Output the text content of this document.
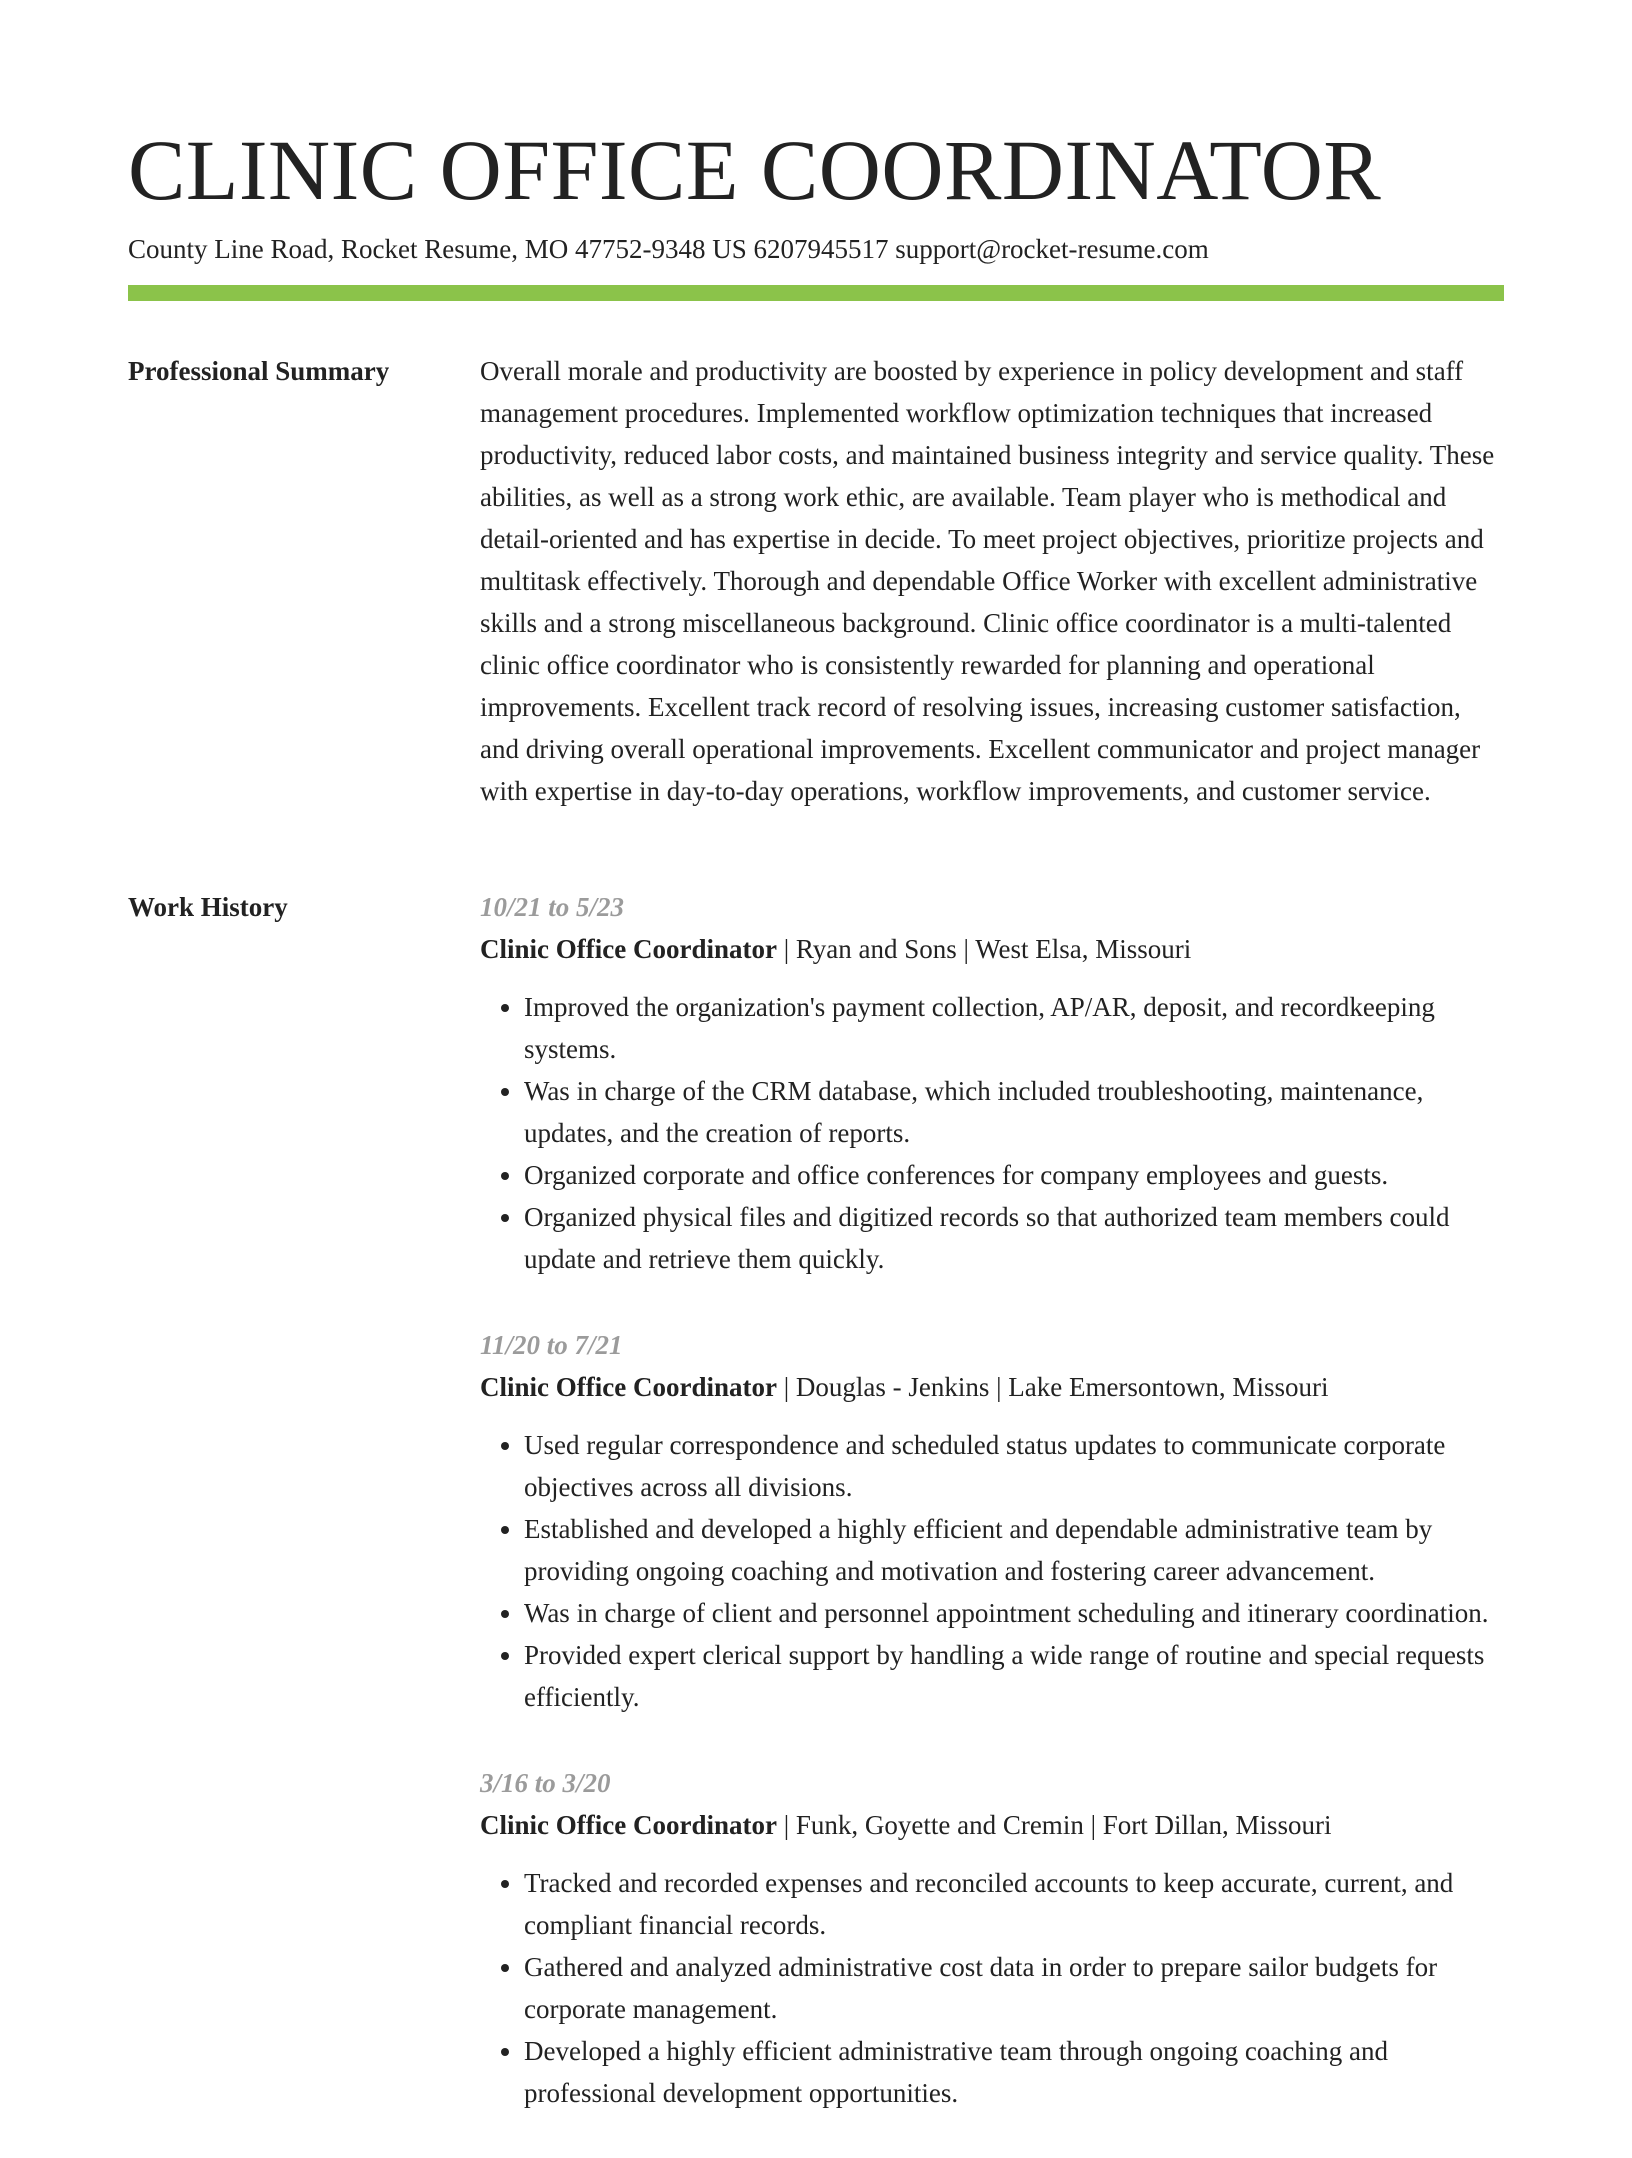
CLINIC OFFICE COORDINATOR
County Line Road, Rocket Resume, MO 47752-9348 US 6207945517 support@rocket-resume.com
Professional Summary	Overall morale and productivity are boosted by experience in policy development and staff management procedures. Implemented workflow optimization techniques that increased productivity, reduced labor costs, and maintained business integrity and service quality. These abilities, as well as a strong work ethic, are available. Team player who is methodical and detail-oriented and has expertise in decide. To meet project objectives, prioritize projects and multitask effectively. Thorough and dependable Office Worker with excellent administrative skills and a strong miscellaneous background. Clinic office coordinator is a multi-talented clinic office coordinator who is consistently rewarded for planning and operational improvements. Excellent track record of resolving issues, increasing customer satisfaction, and driving overall operational improvements. Excellent communicator and project manager with expertise in day-to-day operations, workflow improvements, and customer service.

Work History	10/21 to 5/23
Clinic Office Coordinator | Ryan and Sons | West Elsa, Missouri
• Improved the organization's payment collection, AP/AR, deposit, and recordkeeping systems.
• Was in charge of the CRM database, which included troubleshooting, maintenance, updates, and the creation of reports.
• Organized corporate and office conferences for company employees and guests.
• Organized physical files and digitized records so that authorized team members could update and retrieve them quickly.
11/20 to 7/21
Clinic Office Coordinator | Douglas - Jenkins | Lake Emersontown, Missouri
• Used regular correspondence and scheduled status updates to communicate corporate objectives across all divisions.
• Established and developed a highly efficient and dependable administrative team by providing ongoing coaching and motivation and fostering career advancement.
• Was in charge of client and personnel appointment scheduling and itinerary coordination.
• Provided expert clerical support by handling a wide range of routine and special requests efficiently.
3/16 to 3/20
Clinic Office Coordinator | Funk, Goyette and Cremin | Fort Dillan, Missouri
• Tracked and recorded expenses and reconciled accounts to keep accurate, current, and compliant financial records.
• Gathered and analyzed administrative cost data in order to prepare sailor budgets for corporate management.
• Developed a highly efficient administrative team through ongoing coaching and professional development opportunities.
